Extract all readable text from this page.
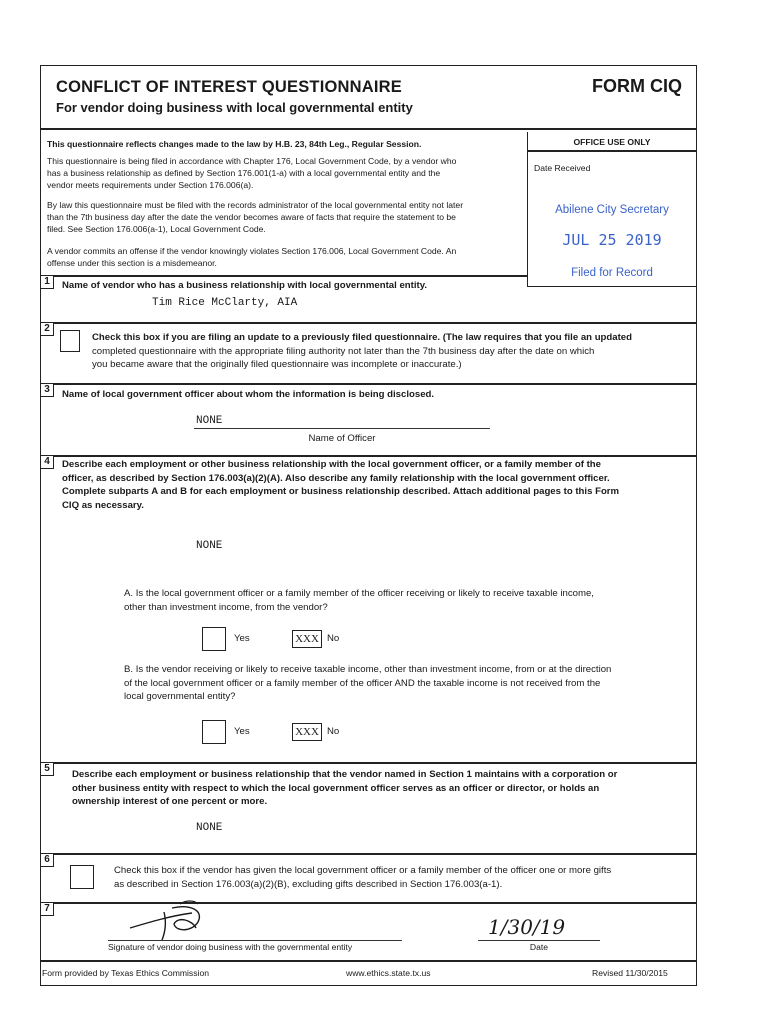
CONFLICT OF INTEREST QUESTIONNAIRE	FORM CIQ
For vendor doing business with local governmental entity
This questionnaire reflects changes made to the law by H.B. 23, 84th Leg., Regular Session.
This questionnaire is being filed in accordance with Chapter 176, Local Government Code, by a vendor who
has a business relationship as defined by Section 176.001(1-a) with a local governmental entity and the
vendor meets requirements under Section 176.006(a).
By law this questionnaire must be filed with the records administrator of the local governmental entity not later
than the 7th business day after the date the vendor becomes aware of facts that require the statement to be
filed. See Section 176.006(a-1), Local Government Code.
A vendor commits an offense if the vendor knowingly violates Section 176.006, Local Government Code. An
offense under this section is a misdemeanor.
OFFICE USE ONLY
Date Received
Abilene City Secretary
JUL 25 2019
Filed for Record
1	Name of vendor who has a business relationship with local governmental entity.
Tim Rice McClarty, AIA
2
Check this box if you are filing an update to a previously filed questionnaire. (The law requires that you file an updated
completed questionnaire with the appropriate filing authority not later than the 7th business day after the date on which
you became aware that the originally filed questionnaire was incomplete or inaccurate.)
3	Name of local government officer about whom the information is being disclosed.
NONE
Name of Officer
4	Describe each employment or other business relationship with the local government officer, or a family member of the
officer, as described by Section 176.003(a)(2)(A). Also describe any family relationship with the local government officer.
Complete subparts A and B for each employment or business relationship described. Attach additional pages to this Form
CIQ as necessary.
NONE
A. Is the local government officer or a family member of the officer receiving or likely to receive taxable income,
other than investment income, from the vendor?
Yes	XXX No
B. Is the vendor receiving or likely to receive taxable income, other than investment income, from or at the direction
of the local government officer or a family member of the officer AND the taxable income is not received from the
local governmental entity?
Yes	XXX No
5
Describe each employment or business relationship that the vendor named in Section 1 maintains with a corporation or
other business entity with respect to which the local government officer serves as an officer or director, or holds an
ownership interest of one percent or more.
NONE
6
Check this box if the vendor has given the local government officer or a family member of the officer one or more gifts
as described in Section 176.003(a)(2)(B), excluding gifts described in Section 176.003(a-1).
7
1/30/19
Signature of vendor doing business with the governmental entity	Date
Form provided by Texas Ethics Commission	www.ethics.state.tx.us	Revised 11/30/2015
